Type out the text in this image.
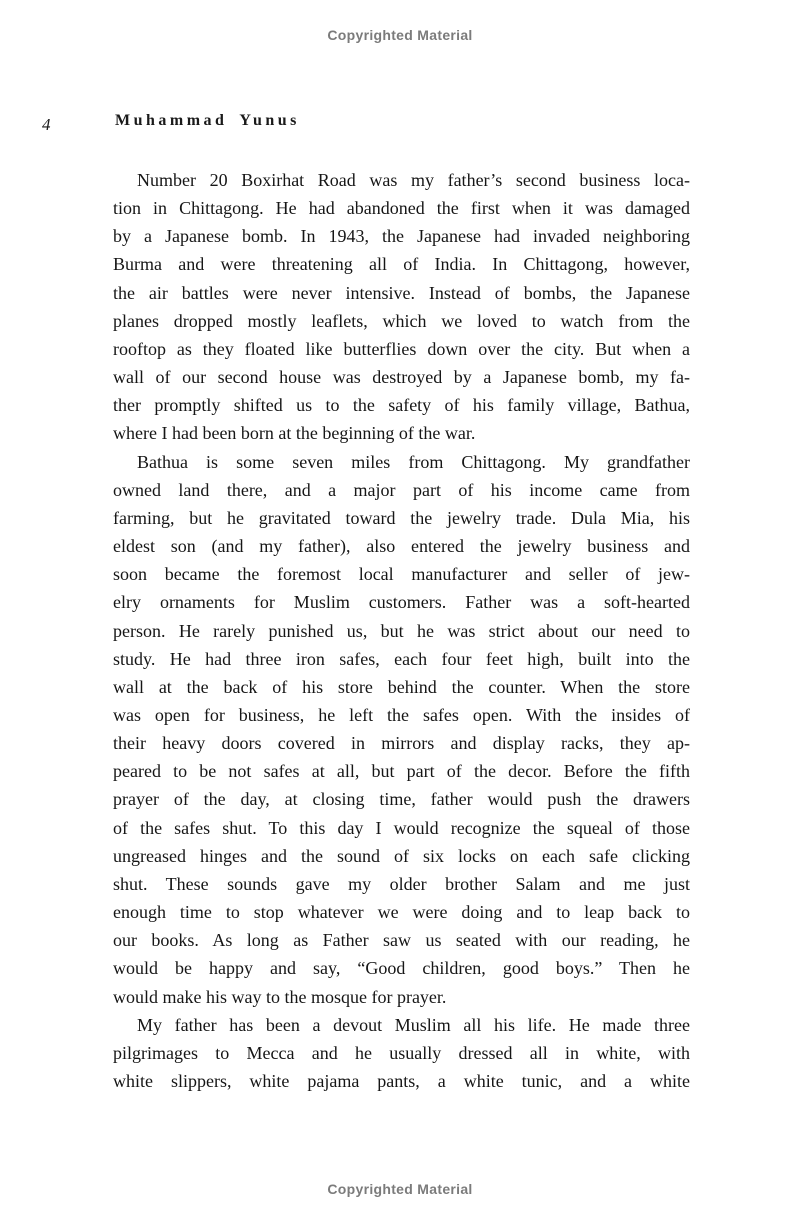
Copyrighted Material
4	Muhammad Yunus
Number 20 Boxirhat Road was my father’s second business loca-
tion in Chittagong. He had abandoned the first when it was damaged
by a Japanese bomb. In 1943, the Japanese had invaded neighboring
Burma and were threatening all of India. In Chittagong, however,
the air battles were never intensive. Instead of bombs, the Japanese
planes dropped mostly leaflets, which we loved to watch from the
rooftop as they floated like butterflies down over the city. But when a
wall of our second house was destroyed by a Japanese bomb, my fa-
ther promptly shifted us to the safety of his family village, Bathua,
where I had been born at the beginning of the war.
Bathua is some seven miles from Chittagong. My grandfather
owned land there, and a major part of his income came from
farming, but he gravitated toward the jewelry trade. Dula Mia, his
eldest son (and my father), also entered the jewelry business and
soon became the foremost local manufacturer and seller of jew-
elry ornaments for Muslim customers. Father was a soft-hearted
person. He rarely punished us, but he was strict about our need to
study. He had three iron safes, each four feet high, built into the
wall at the back of his store behind the counter. When the store
was open for business, he left the safes open. With the insides of
their heavy doors covered in mirrors and display racks, they ap-
peared to be not safes at all, but part of the decor. Before the fifth
prayer of the day, at closing time, father would push the drawers
of the safes shut. To this day I would recognize the squeal of those
ungreased hinges and the sound of six locks on each safe clicking
shut. These sounds gave my older brother Salam and me just
enough time to stop whatever we were doing and to leap back to
our books. As long as Father saw us seated with our reading, he
would be happy and say, “Good children, good boys.” Then he
would make his way to the mosque for prayer.
My father has been a devout Muslim all his life. He made three
pilgrimages to Mecca and he usually dressed all in white, with
white slippers, white pajama pants, a white tunic, and a white
Copyrighted Material
